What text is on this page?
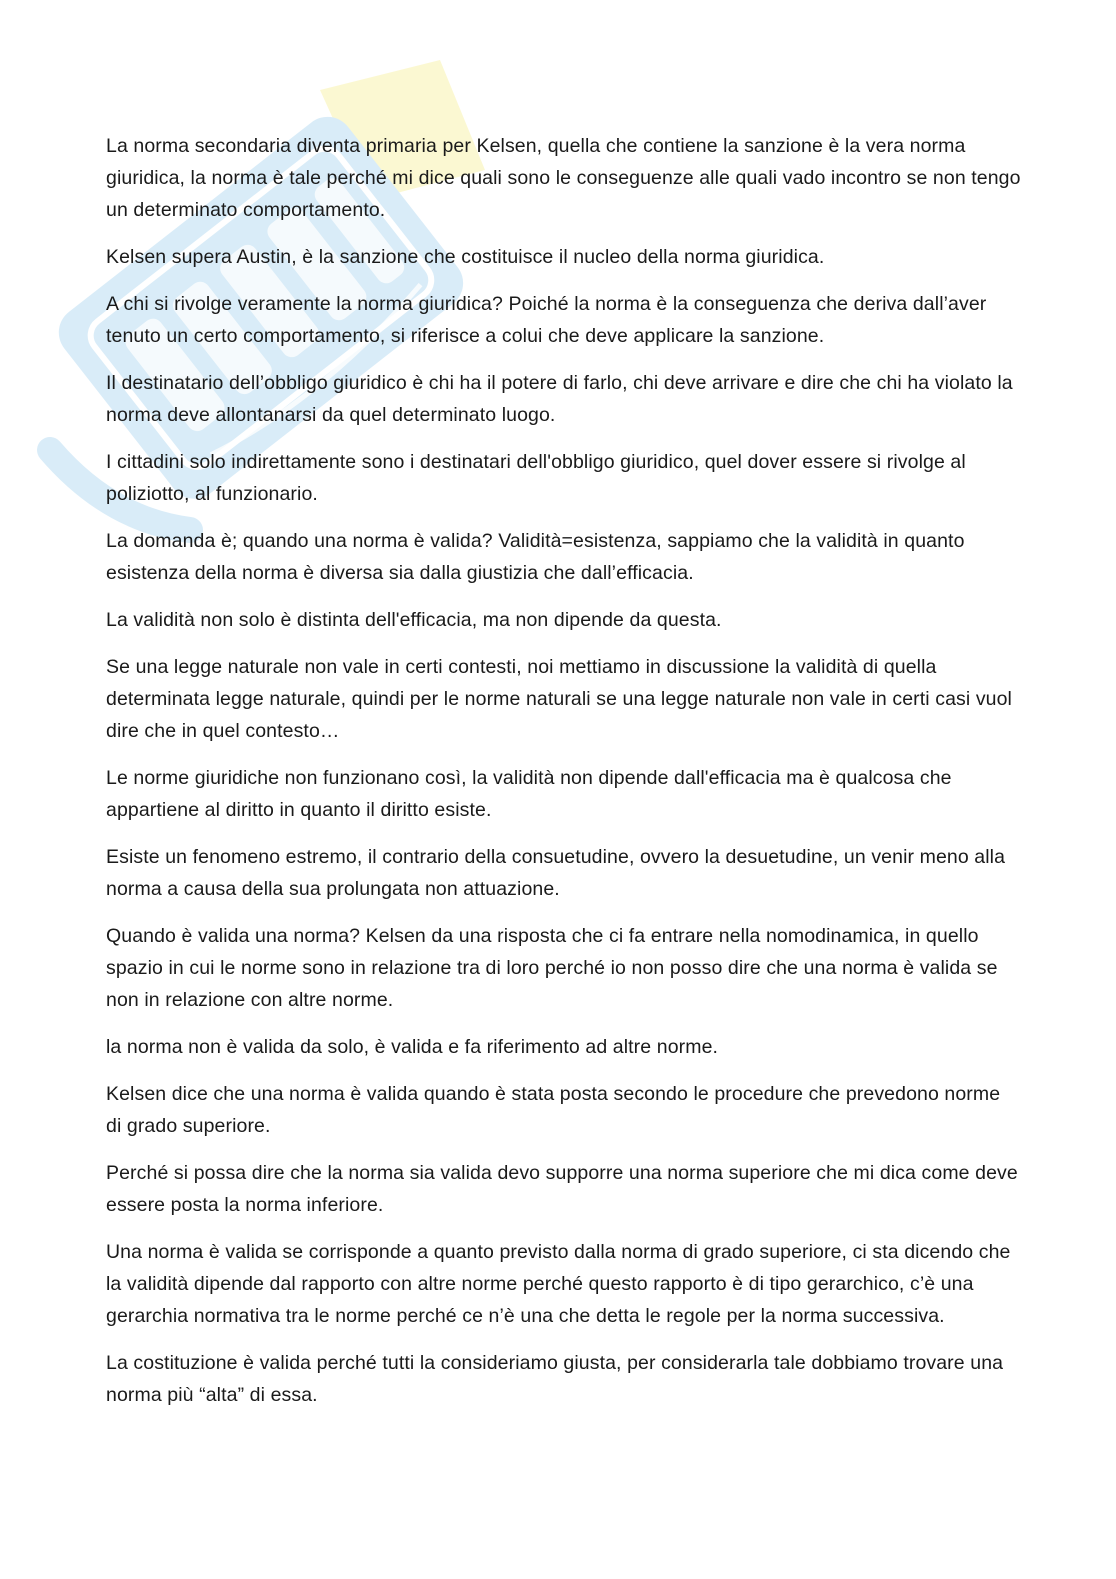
La norma secondaria diventa primaria per Kelsen, quella che contiene la sanzione è la vera norma giuridica, la norma è tale perché mi dice quali sono le conseguenze alle quali vado incontro se non tengo un determinato comportamento.

Kelsen supera Austin, è la sanzione che costituisce il nucleo della norma giuridica.

A chi si rivolge veramente la norma giuridica? Poiché la norma è la conseguenza che deriva dall’aver tenuto un certo comportamento, si riferisce a colui che deve applicare la sanzione.

Il destinatario dell’obbligo giuridico è chi ha il potere di farlo, chi deve arrivare e dire che chi ha violato la norma deve allontanarsi da quel determinato luogo.

I cittadini solo indirettamente sono i destinatari dell'obbligo giuridico, quel dover essere si rivolge al poliziotto, al funzionario.

La domanda è; quando una norma è valida? Validità=esistenza, sappiamo che la validità in quanto esistenza della norma è diversa sia dalla giustizia che dall’efficacia.

La validità non solo è distinta dell'efficacia, ma non dipende da questa.

Se una legge naturale non vale in certi contesti, noi mettiamo in discussione la validità di quella determinata legge naturale, quindi per le norme naturali se una legge naturale non vale in certi casi vuol dire che in quel contesto…

Le norme giuridiche non funzionano così, la validità non dipende dall'efficacia ma è qualcosa che appartiene al diritto in quanto il diritto esiste.

Esiste un fenomeno estremo, il contrario della consuetudine, ovvero la desuetudine, un venir meno alla norma a causa della sua prolungata non attuazione.

Quando è valida una norma? Kelsen da una risposta che ci fa entrare nella nomodinamica, in quello spazio in cui le norme sono in relazione tra di loro perché io non posso dire che una norma è valida se non in relazione con altre norme.

la norma non è valida da solo, è valida e fa riferimento ad altre norme.

Kelsen dice che una norma è valida quando è stata posta secondo le procedure che prevedono norme di grado superiore.

Perché si possa dire che la norma sia valida devo supporre una norma superiore che mi dica come deve essere posta la norma inferiore.

Una norma è valida se corrisponde a quanto previsto dalla norma di grado superiore, ci sta dicendo che la validità dipende dal rapporto con altre norme perché questo rapporto è di tipo gerarchico, c’è una gerarchia normativa tra le norme perché ce n’è una che detta le regole per la norma successiva.

La costituzione è valida perché tutti la consideriamo giusta, per considerarla tale dobbiamo trovare una norma più “alta” di essa.
